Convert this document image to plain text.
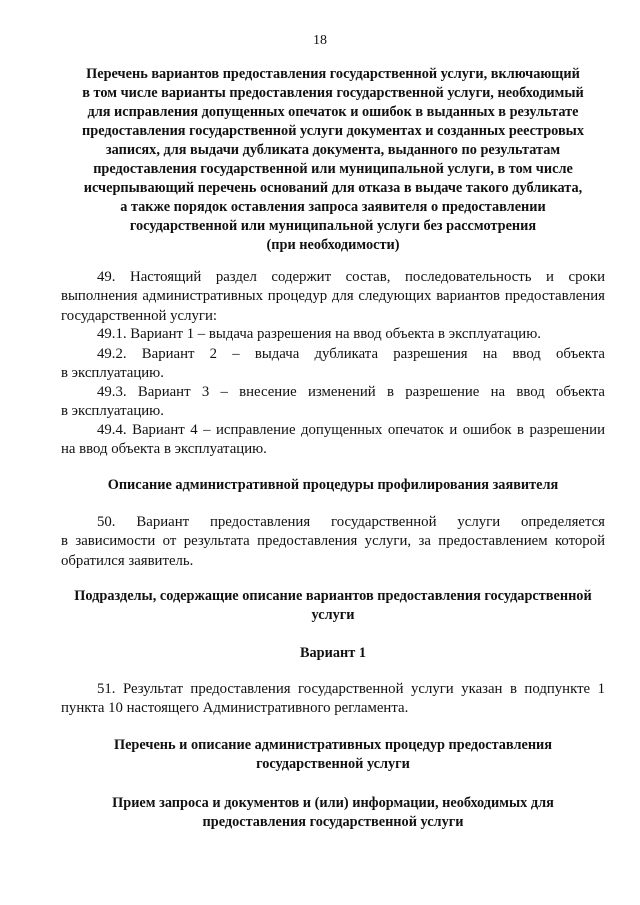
18
Перечень вариантов предоставления государственной услуги, включающий
в том числе варианты предоставления государственной услуги, необходимый
для исправления допущенных опечаток и ошибок в выданных в результате
предоставления государственной услуги документах и созданных реестровых
записях, для выдачи дубликата документа, выданного по результатам
предоставления государственной или муниципальной услуги, в том числе
исчерпывающий перечень оснований для отказа в выдаче такого дубликата,
а также порядок оставления запроса заявителя о предоставлении
государственной или муниципальной услуги без рассмотрения
(при необходимости)
49. Настоящий раздел содержит состав, последовательность и сроки
выполнения административных процедур для следующих вариантов предоставления
государственной услуги:
49.1. Вариант 1 – выдача разрешения на ввод объекта в эксплуатацию.
49.2. Вариант 2 – выдача дубликата разрешения на ввод объекта
в эксплуатацию.
49.3. Вариант 3 – внесение изменений в разрешение на ввод объекта
в эксплуатацию.
49.4. Вариант 4 – исправление допущенных опечаток и ошибок в разрешении
на ввод объекта в эксплуатацию.
Описание административной процедуры профилирования заявителя
50. Вариант предоставления государственной услуги определяется
в зависимости от результата предоставления услуги, за предоставлением которой
обратился заявитель.
Подразделы, содержащие описание вариантов предоставления государственной
услуги
Вариант 1
51. Результат предоставления государственной услуги указан в подпункте 1
пункта 10 настоящего Административного регламента.
Перечень и описание административных процедур предоставления
государственной услуги
Прием запроса и документов и (или) информации, необходимых для
предоставления государственной услуги
